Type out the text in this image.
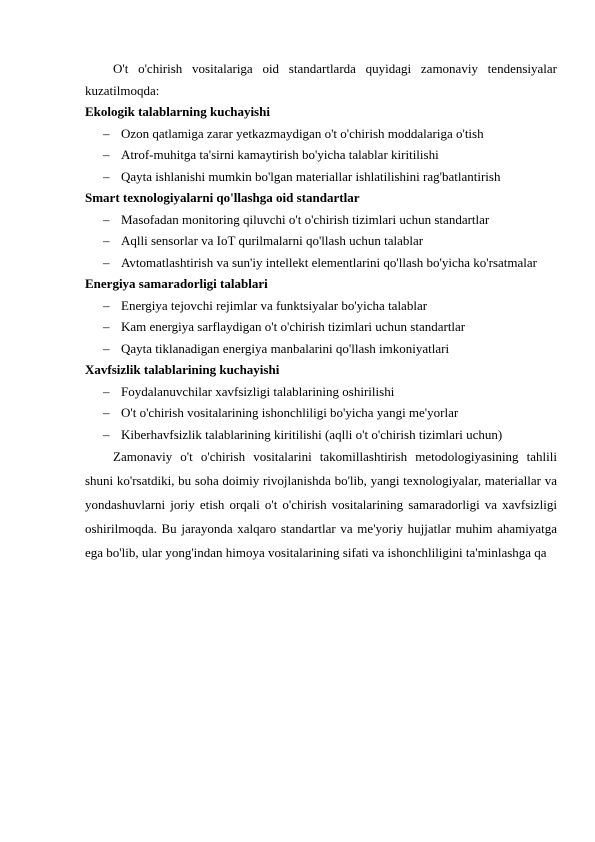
O't o'chirish vositalariga oid standartlarda quyidagi zamonaviy tendensiyalar kuzatilmoqda:

Ekologik talablarning kuchayishi

– Ozon qatlamiga zarar yetkazmaydigan o't o'chirish moddalariga o'tish
– Atrof-muhitga ta'sirni kamaytirish bo'yicha talablar kiritilishi
– Qayta ishlanishi mumkin bo'lgan materiallar ishlatilishini rag'batlantirish

Smart texnologiyalarni qo'llashga oid standartlar

– Masofadan monitoring qiluvchi o't o'chirish tizimlari uchun standartlar
– Aqlli sensorlar va IoT qurilmalarni qo'llash uchun talablar
– Avtomatlashtirish va sun'iy intellekt elementlarini qo'llash bo'yicha ko'rsatmalar

Energiya samaradorligi talablari

– Energiya tejovchi rejimlar va funktsiyalar bo'yicha talablar
– Kam energiya sarflaydigan o't o'chirish tizimlari uchun standartlar
– Qayta tiklanadigan energiya manbalarini qo'llash imkoniyatlari

Xavfsizlik talablarining kuchayishi

– Foydalanuvchilar xavfsizligi talablarining oshirilishi
– O't o'chirish vositalarining ishonchliligi bo'yicha yangi me'yorlar
– Kiberhavfsizlik talablarining kiritilishi (aqlli o't o'chirish tizimlari uchun)

Zamonaviy o't o'chirish vositalarini takomillashtirish metodologiyasining tahlili shuni ko'rsatdiki, bu soha doimiy rivojlanishda bo'lib, yangi texnologiyalar, materiallar va yondashuvlarni joriy etish orqali o't o'chirish vositalarining samaradorligi va xavfsizligi oshirilmoqda. Bu jarayonda xalqaro standartlar va me'yoriy hujjatlar muhim ahamiyatga ega bo'lib, ular yong'indan himoya vositalarining sifati va ishonchliligini ta'minlashga qa
